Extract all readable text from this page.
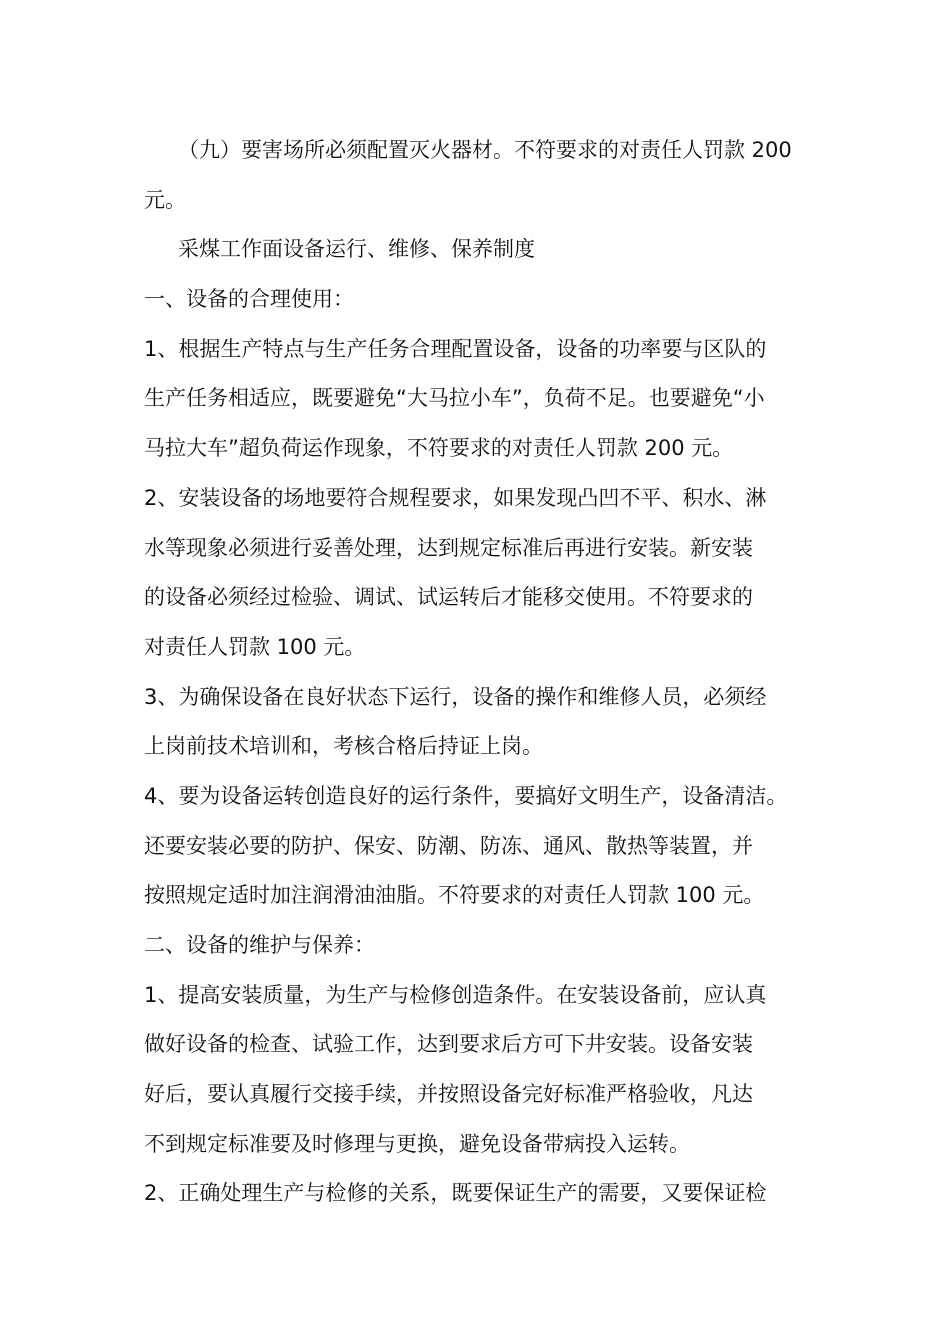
（九）要害场所必须配置灭火器材。不符要求的对责任人罚款 200
元。
采煤工作面设备运行、维修、保养制度
一、设备的合理使用：
1、根据生产特点与生产任务合理配置设备，设备的功率要与区队的
生产任务相适应，既要避免“大马拉小车”，负荷不足。也要避免“小
马拉大车”超负荷运作现象，不符要求的对责任人罚款 200 元。
2、安装设备的场地要符合规程要求，如果发现凸凹不平、积水、淋
水等现象必须进行妥善处理，达到规定标准后再进行安装。新安装
的设备必须经过检验、调试、试运转后才能移交使用。不符要求的
对责任人罚款 100 元。
3、为确保设备在良好状态下运行，设备的操作和维修人员，必须经
上岗前技术培训和，考核合格后持证上岗。
4、要为设备运转创造良好的运行条件，要搞好文明生产，设备清洁。
还要安装必要的防护、保安、防潮、防冻、通风、散热等装置，并
按照规定适时加注润滑油油脂。不符要求的对责任人罚款 100 元。
二、设备的维护与保养：
1、提高安装质量，为生产与检修创造条件。在安装设备前，应认真
做好设备的检查、试验工作，达到要求后方可下井安装。设备安装
好后，要认真履行交接手续，并按照设备完好标准严格验收，凡达
不到规定标准要及时修理与更换，避免设备带病投入运转。
2、正确处理生产与检修的关系，既要保证生产的需要，又要保证检
